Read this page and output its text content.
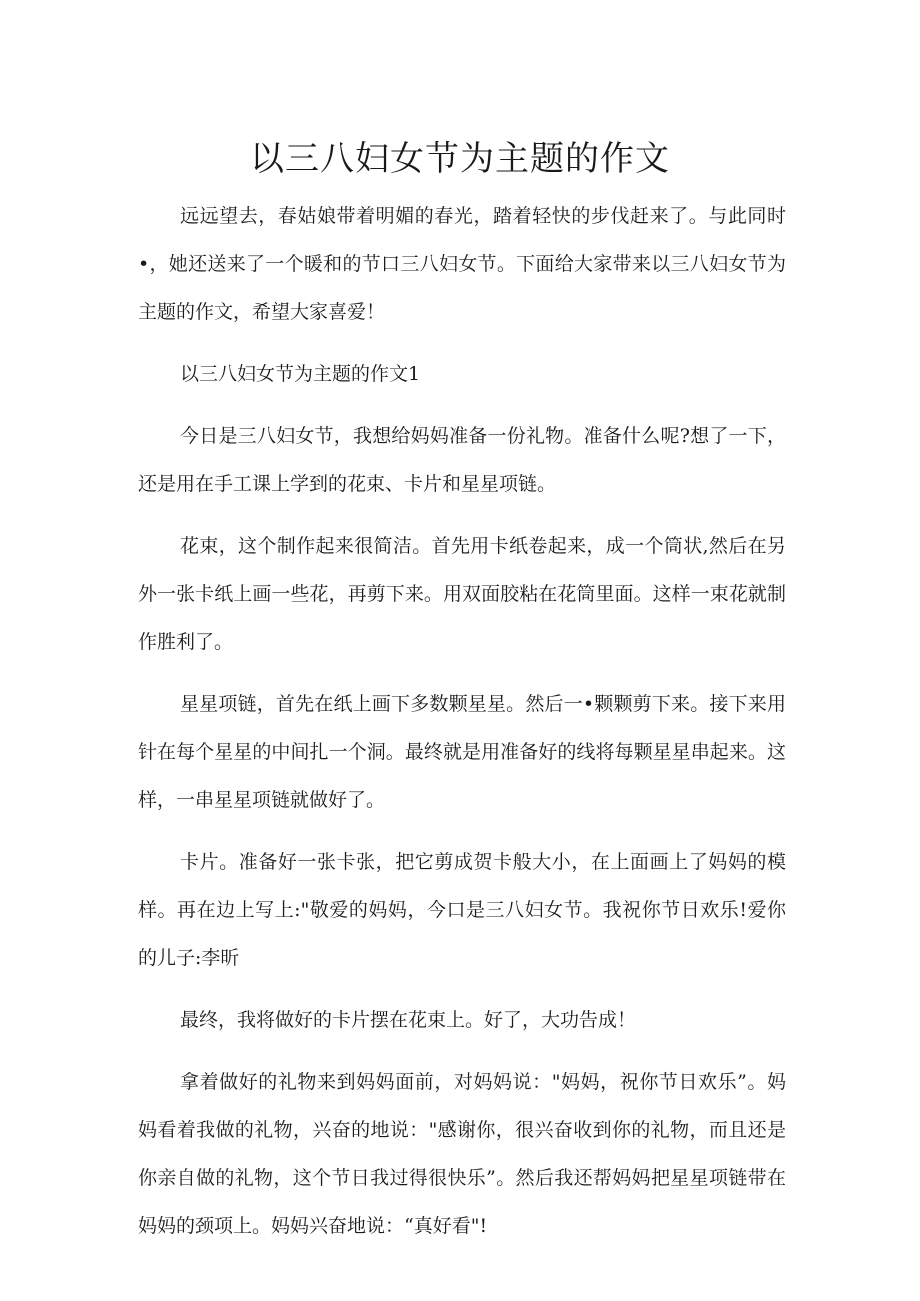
以三八妇女节为主题的作文

远远望去，春姑娘带着明媚的春光，踏着轻快的步伐赶来了。与此同时•，她还送来了一个暖和的节口三八妇女节。下面给大家带来以三八妇女节为主题的作文，希望大家喜爱！

以三八妇女节为主题的作文1

今日是三八妇女节，我想给妈妈准备一份礼物。准备什么呢?想了一下，还是用在手工课上学到的花束、卡片和星星项链。

花束，这个制作起来很简洁。首先用卡纸卷起来，成一个筒状,然后在另外一张卡纸上画一些花，再剪下来。用双面胶粘在花筒里面。这样一束花就制作胜利了。

星星项链，首先在纸上画下多数颗星星。然后一•颗颗剪下来。接下来用针在每个星星的中间扎一个洞。最终就是用准备好的线将每颗星星串起来。这样，一串星星项链就做好了。

卡片。准备好一张卡张，把它剪成贺卡般大小，在上面画上了妈妈的模样。再在边上写上:"敬爱的妈妈，今口是三八妇女节。我祝你节日欢乐!爱你的儿子:李昕

最终，我将做好的卡片摆在花束上。好了，大功告成！

拿着做好的礼物来到妈妈面前，对妈妈说："妈妈，祝你节日欢乐”。妈妈看着我做的礼物，兴奋的地说："感谢你，很兴奋收到你的礼物，而且还是你亲自做的礼物，这个节日我过得很快乐”。然后我还帮妈妈把星星项链带在妈妈的颈项上。妈妈兴奋地说：“真好看"!
